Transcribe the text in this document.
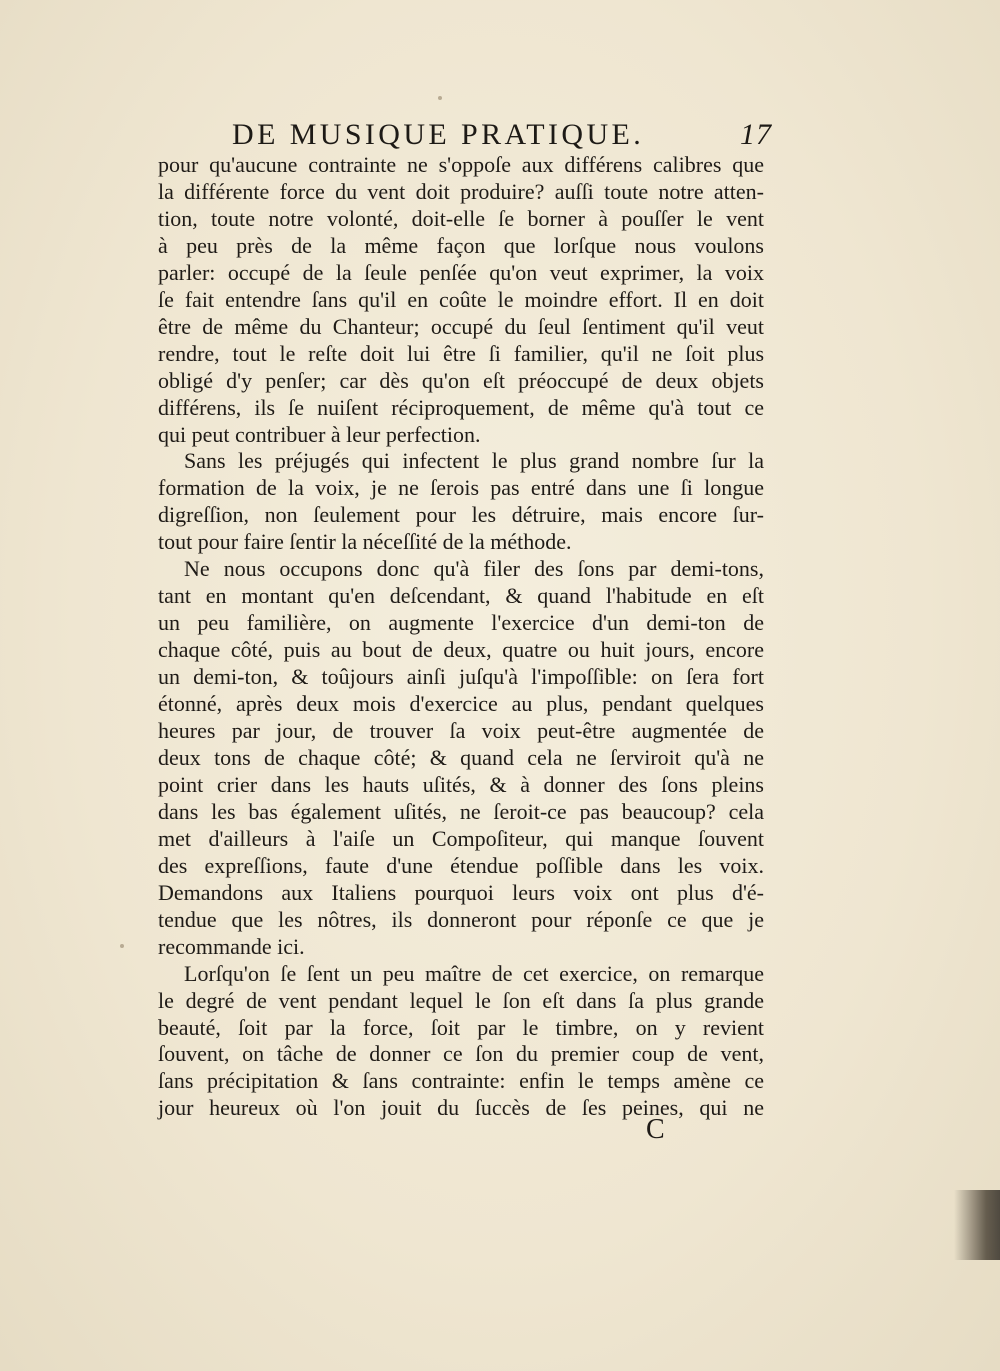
DE MUSIQUE PRATIQUE.	17
pour qu'aucune contrainte ne s'oppoſe aux différens calibres que
la différente force du vent doit produire? auſſi toute notre atten-
tion, toute notre volonté, doit-elle ſe borner à pouſſer le vent
à peu près de la même façon que lorſque nous voulons
parler: occupé de la ſeule penſée qu'on veut exprimer, la voix
ſe fait entendre ſans qu'il en coûte le moindre effort. Il en doit
être de même du Chanteur; occupé du ſeul ſentiment qu'il veut
rendre, tout le reſte doit lui être ſi familier, qu'il ne ſoit plus
obligé d'y penſer; car dès qu'on eſt préoccupé de deux objets
différens, ils ſe nuiſent réciproquement, de même qu'à tout ce
qui peut contribuer à leur perfection.
Sans les préjugés qui infectent le plus grand nombre ſur la
formation de la voix, je ne ſerois pas entré dans une ſi longue
digreſſion, non ſeulement pour les détruire, mais encore ſur-
tout pour faire ſentir la néceſſité de la méthode.
Ne nous occupons donc qu'à filer des ſons par demi-tons,
tant en montant qu'en deſcendant, & quand l'habitude en eſt
un peu familière, on augmente l'exercice d'un demi-ton de
chaque côté, puis au bout de deux, quatre ou huit jours, encore
un demi-ton, & toûjours ainſi juſqu'à l'impoſſible: on ſera fort
étonné, après deux mois d'exercice au plus, pendant quelques
heures par jour, de trouver ſa voix peut-être augmentée de
deux tons de chaque côté; & quand cela ne ſerviroit qu'à ne
point crier dans les hauts uſités, & à donner des ſons pleins
dans les bas également uſités, ne ſeroit-ce pas beaucoup? cela
met d'ailleurs à l'aiſe un Compoſiteur, qui manque ſouvent
des expreſſions, faute d'une étendue poſſible dans les voix.
Demandons aux Italiens pourquoi leurs voix ont plus d'é-
tendue que les nôtres, ils donneront pour réponſe ce que je
recommande ici.
Lorſqu'on ſe ſent un peu maître de cet exercice, on remarque
le degré de vent pendant lequel le ſon eſt dans ſa plus grande
beauté, ſoit par la force, ſoit par le timbre, on y revient
ſouvent, on tâche de donner ce ſon du premier coup de vent,
ſans précipitation & ſans contrainte: enfin le temps amène ce
jour heureux où l'on jouit du ſuccès de ſes peines, qui ne
C
